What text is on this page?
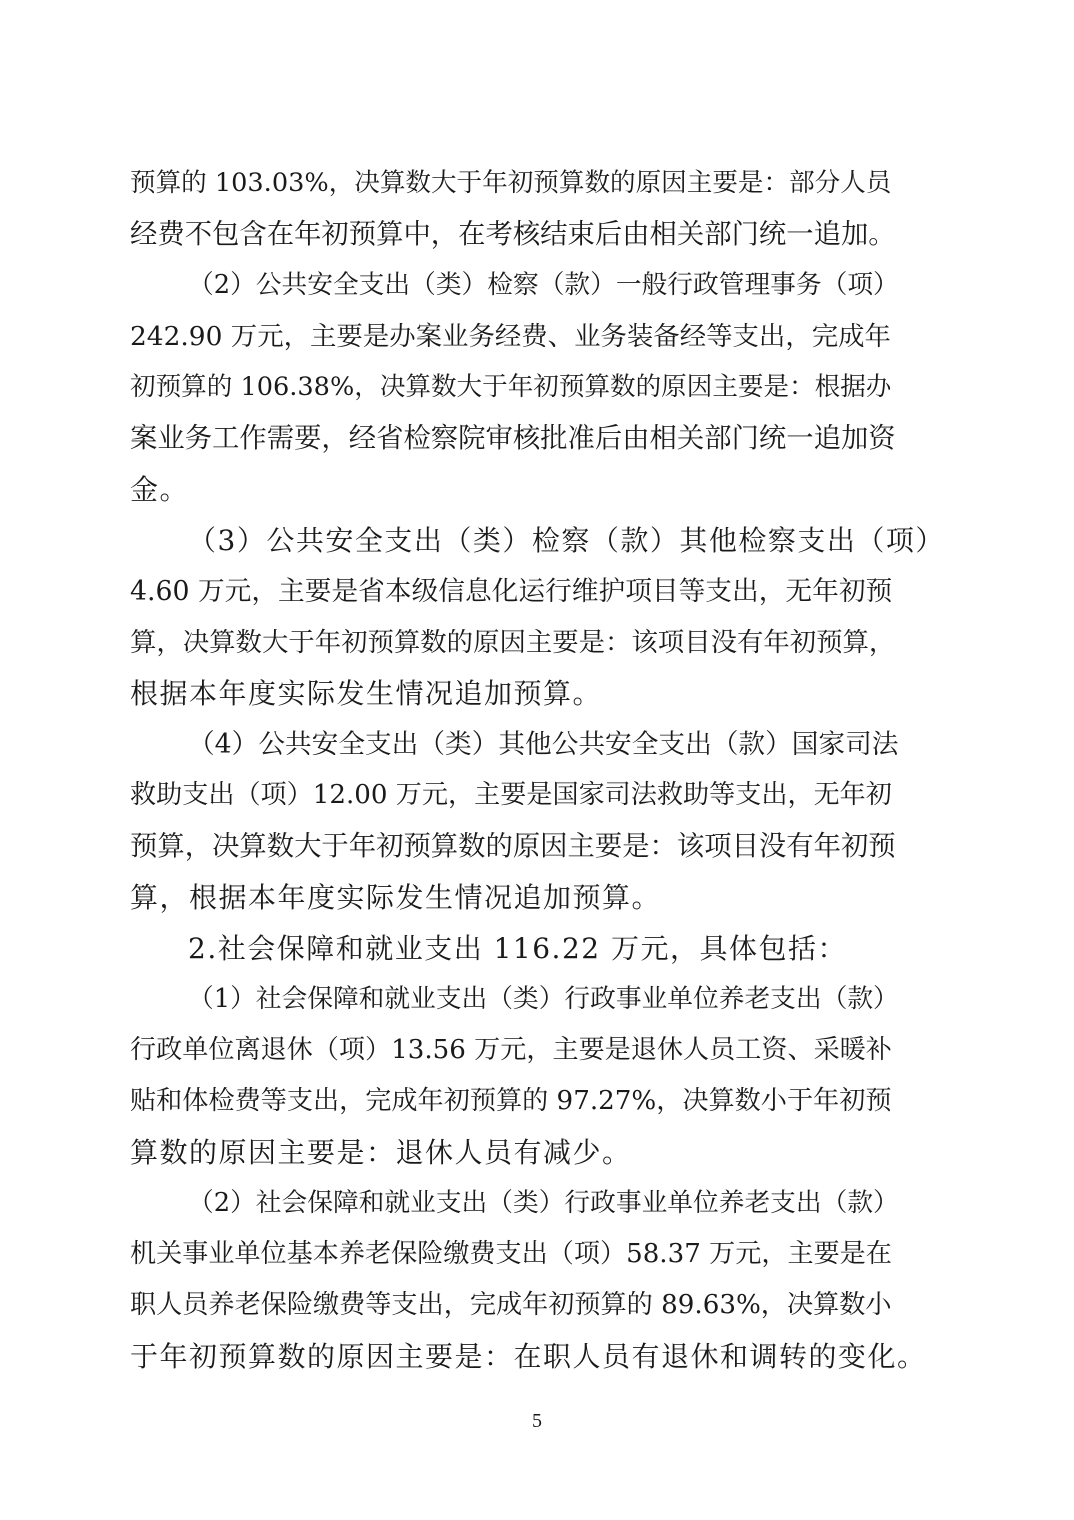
预算的 103.03%，决算数大于年初预算数的原因主要是：部分人员
经费不包含在年初预算中，在考核结束后由相关部门统一追加。
（2）公共安全支出（类）检察（款）一般行政管理事务（项）
242.90 万元，主要是办案业务经费、业务装备经等支出，完成年
初预算的 106.38%，决算数大于年初预算数的原因主要是：根据办
案业务工作需要，经省检察院审核批准后由相关部门统一追加资
金。
（3）公共安全支出（类）检察（款）其他检察支出（项）
4.60 万元，主要是省本级信息化运行维护项目等支出，无年初预
算，决算数大于年初预算数的原因主要是：该项目没有年初预算，
根据本年度实际发生情况追加预算。
（4）公共安全支出（类）其他公共安全支出（款）国家司法
救助支出（项）12.00 万元，主要是国家司法救助等支出，无年初
预算，决算数大于年初预算数的原因主要是：该项目没有年初预
算，根据本年度实际发生情况追加预算。
2.社会保障和就业支出 116.22 万元，具体包括：
（1）社会保障和就业支出（类）行政事业单位养老支出（款）
行政单位离退休（项）13.56 万元，主要是退休人员工资、采暖补
贴和体检费等支出，完成年初预算的 97.27%，决算数小于年初预
算数的原因主要是：退休人员有减少。
（2）社会保障和就业支出（类）行政事业单位养老支出（款）
机关事业单位基本养老保险缴费支出（项）58.37 万元，主要是在
职人员养老保险缴费等支出，完成年初预算的 89.63%，决算数小
于年初预算数的原因主要是：在职人员有退休和调转的变化。
5
